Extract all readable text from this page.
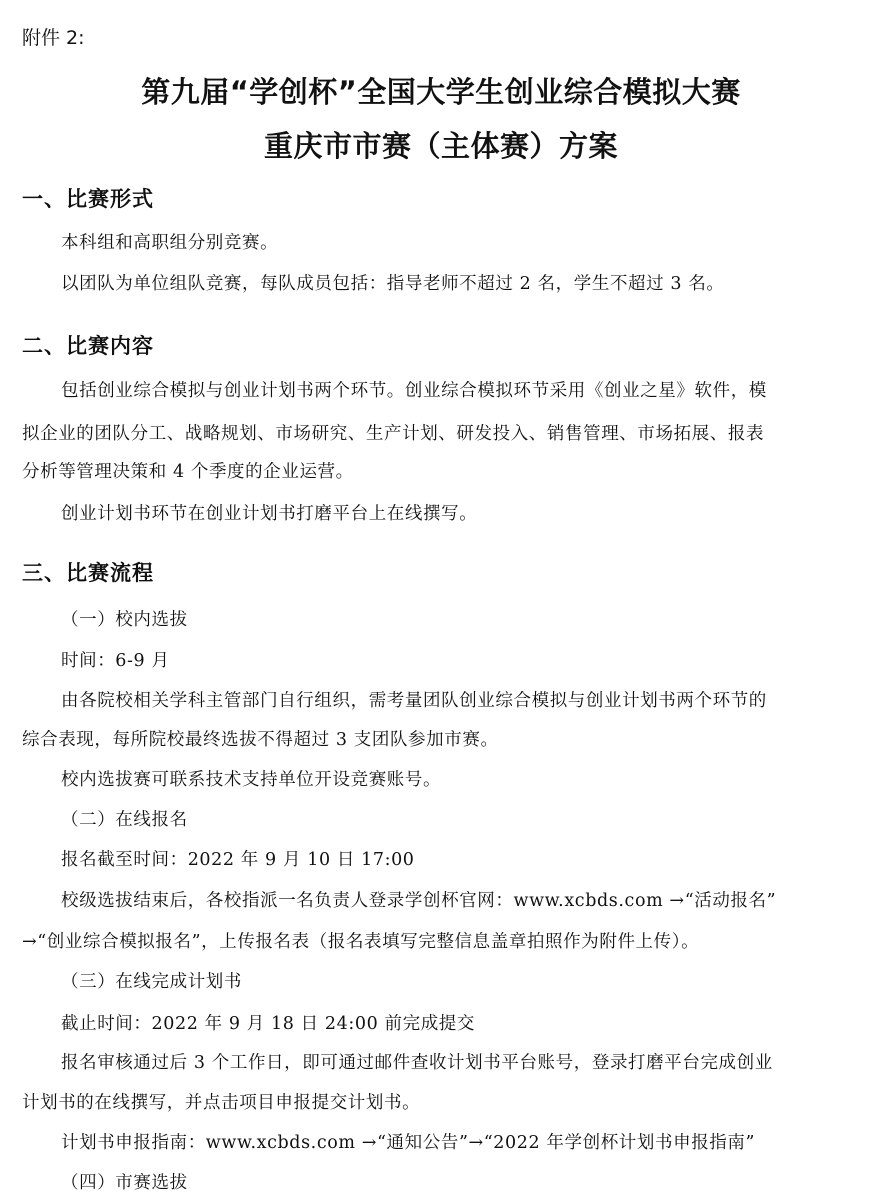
附件 2:
第九届“学创杯”全国大学生创业综合模拟大赛
重庆市市赛（主体赛）方案
一、比赛形式
本科组和高职组分别竞赛。
以团队为单位组队竞赛，每队成员包括：指导老师不超过 2 名，学生不超过 3 名。
二、比赛内容
包括创业综合模拟与创业计划书两个环节。创业综合模拟环节采用《创业之星》软件，模
拟企业的团队分工、战略规划、市场研究、生产计划、研发投入、销售管理、市场拓展、报表
分析等管理决策和 4 个季度的企业运营。
创业计划书环节在创业计划书打磨平台上在线撰写。
三、比赛流程
（一）校内选拔
时间：6-9 月
由各院校相关学科主管部门自行组织，需考量团队创业综合模拟与创业计划书两个环节的
综合表现，每所院校最终选拔不得超过 3 支团队参加市赛。
校内选拔赛可联系技术支持单位开设竞赛账号。
（二）在线报名
报名截至时间：2022 年 9 月 10 日 17:00
校级选拔结束后，各校指派一名负责人登录学创杯官网：www.xcbds.com →“活动报名”
→“创业综合模拟报名”，上传报名表（报名表填写完整信息盖章拍照作为附件上传）。
（三）在线完成计划书
截止时间：2022 年 9 月 18 日 24:00 前完成提交
报名审核通过后 3 个工作日，即可通过邮件查收计划书平台账号，登录打磨平台完成创业
计划书的在线撰写，并点击项目申报提交计划书。
计划书申报指南：www.xcbds.com →“通知公告”→“2022 年学创杯计划书申报指南”
（四）市赛选拔
